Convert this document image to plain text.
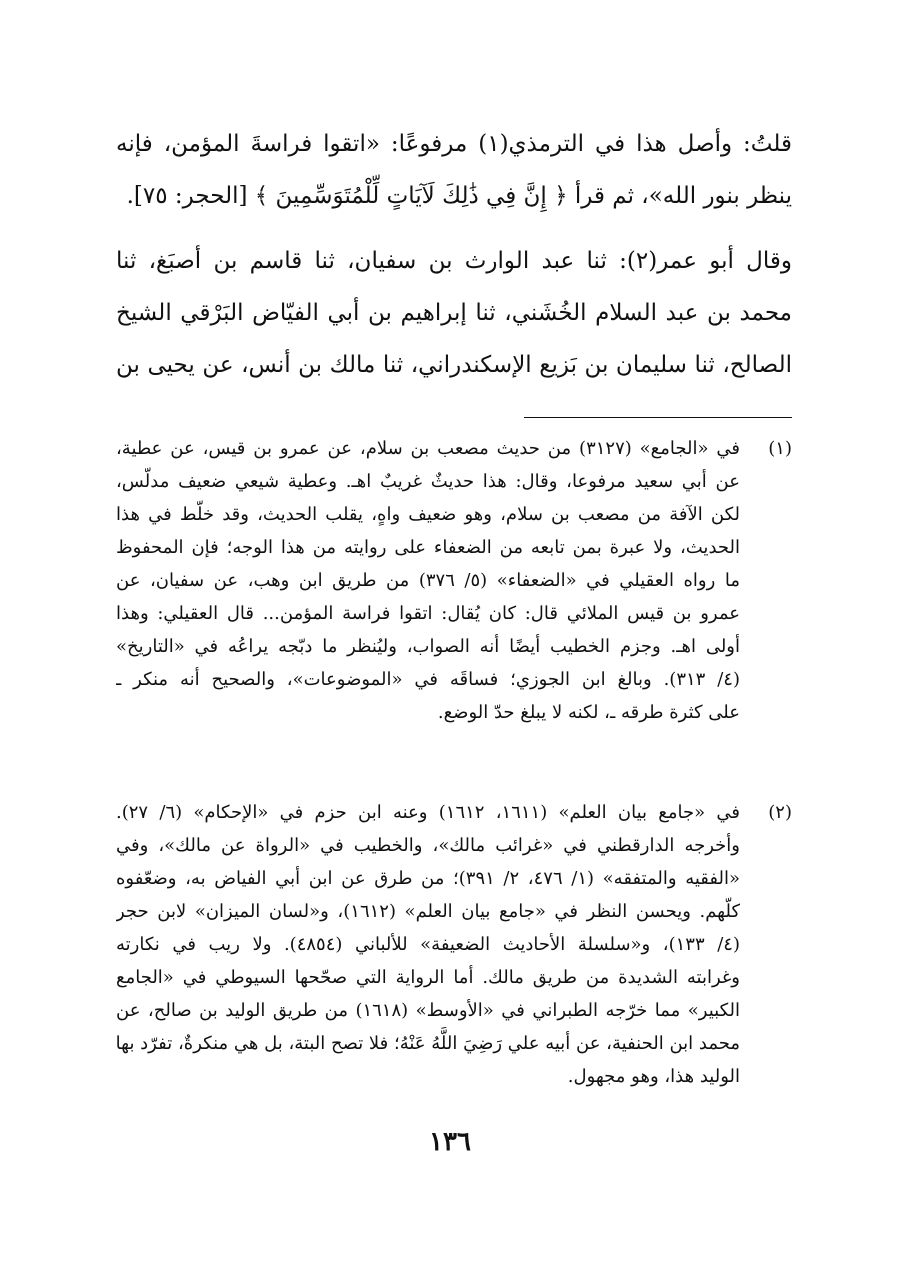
قلتُ: وأصل هذا في الترمذي(١) مرفوعًا: «اتقوا فراسةَ المؤمن، فإنه
ينظر بنور الله»، ثم قرأ ﴿ إِنَّ فِي ذَٰلِكَ لَآيَاتٍ لِّلْمُتَوَسِّمِينَ ﴾ [الحجر: ٧٥].

وقال أبو عمر(٢): ثنا عبد الوارث بن سفيان، ثنا قاسم بن أصبَغ، ثنا
محمد بن عبد السلام الخُشَني، ثنا إبراهيم بن أبي الفيّاض البَرْقي الشيخ
الصالح، ثنا سليمان بن بَزيع الإسكندراني، ثنا مالك بن أنس، عن يحيى بن

(١)
في «الجامع» (٣١٢٧) من حديث مصعب بن سلام، عن عمرو بن قيس، عن عطية،
عن أبي سعيد مرفوعا، وقال: هذا حديثٌ غريبٌ اهـ. وعطية شيعي ضعيف مدلّس،
لكن الآفة من مصعب بن سلام، وهو ضعيف واهٍ، يقلب الحديث، وقد خلّط في هذا
الحديث، ولا عبرة بمن تابعه من الضعفاء على روايته من هذا الوجه؛ فإن المحفوظ
ما رواه العقيلي في «الضعفاء» (٥/ ٣٧٦) من طريق ابن وهب، عن سفيان، عن
عمرو بن قيس الملائي قال: كان يُقال: اتقوا فراسة المؤمن... قال العقيلي: وهذا
أولى اهـ. وجزم الخطيب أيضًا أنه الصواب، وليُنظر ما دبّجه يراعُه في «التاريخ»
(٤/ ٣١٣). وبالغ ابن الجوزي؛ فساقَه في «الموضوعات»، والصحيح أنه منكر ـ
على كثرة طرقه ـ، لكنه لا يبلغ حدّ الوضع.
(٢)
في «جامع بيان العلم» (١٦١١، ١٦١٢) وعنه ابن حزم في «الإحكام» (٦/ ٢٧).
وأخرجه الدارقطني في «غرائب مالك»، والخطيب في «الرواة عن مالك»، وفي
«الفقيه والمتفقه» (١/ ٤٧٦، ٢/ ٣٩١)؛ من طرق عن ابن أبي الفياض به، وضعّفوه
كلّهم. ويحسن النظر في «جامع بيان العلم» (١٦١٢)، و«لسان الميزان» لابن حجر
(٤/ ١٣٣)، و«سلسلة الأحاديث الضعيفة» للألباني (٤٨٥٤). ولا ريب في نكارته
وغرابته الشديدة من طريق مالك. أما الرواية التي صحّحها السيوطي في «الجامع
الكبير» مما خرّجه الطبراني في «الأوسط» (١٦١٨) من طريق الوليد بن صالح، عن
محمد ابن الحنفية، عن أبيه علي رَضِيَ اللَّهُ عَنْهُ؛ فلا تصح البتة، بل هي منكرةٌ، تفرّد بها
الوليد هذا، وهو مجهول.
١٣٦
